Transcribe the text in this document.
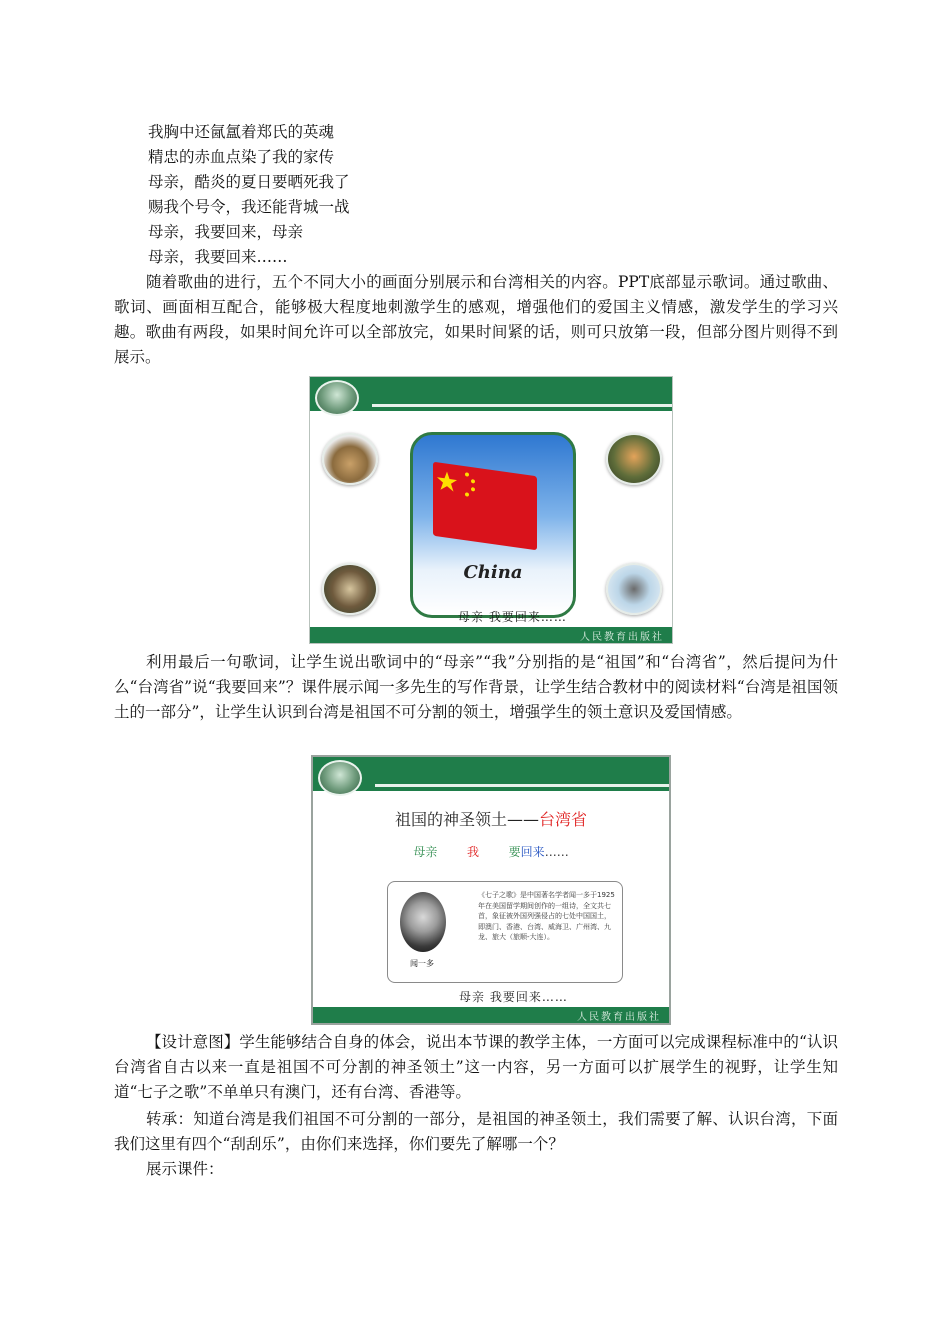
我胸中还氤氲着郑氏的英魂
精忠的赤血点染了我的家传
母亲，酷炎的夏日要晒死我了
赐我个号令，我还能背城一战
母亲，我要回来，母亲
母亲，我要回来……
随着歌曲的进行，五个不同大小的画面分别展示和台湾相关的内容。PPT底部显示歌词。通过歌曲、歌词、画面相互配合，能够极大程度地刺激学生的感观，增强他们的爱国主义情感，激发学生的学习兴趣。歌曲有两段，如果时间允许可以全部放完，如果时间紧的话，则可只放第一段，但部分图片则得不到展示。
China
母亲 我要回来……
人民教育出版社
利用最后一句歌词，让学生说出歌词中的“母亲”“我”分别指的是“祖国”和“台湾省”，然后提问为什么“台湾省”说“我要回来”？课件展示闻一多先生的写作背景，让学生结合教材中的阅读材料“台湾是祖国领土的一部分”，让学生认识到台湾是祖国不可分割的领土，增强学生的领土意识及爱国情感。
祖国的神圣领土——台湾省
母亲 我 要回来……
闻一多
《七子之歌》是中国著名学者闻一多于1925年在美国留学期间创作的一组诗，全文共七首，象征被外国列强侵占的七处中国国土，即澳门、香港、台湾、威海卫、广州湾、九龙、旅大（旅顺-大连）。
母亲 我要回来……
人民教育出版社
【设计意图】学生能够结合自身的体会，说出本节课的教学主体，一方面可以完成课程标准中的“认识台湾省自古以来一直是祖国不可分割的神圣领土”这一内容，另一方面可以扩展学生的视野，让学生知道“七子之歌”不单单只有澳门，还有台湾、香港等。
转承：知道台湾是我们祖国不可分割的一部分，是祖国的神圣领土，我们需要了解、认识台湾，下面我们这里有四个“刮刮乐”，由你们来选择，你们要先了解哪一个？
展示课件：
